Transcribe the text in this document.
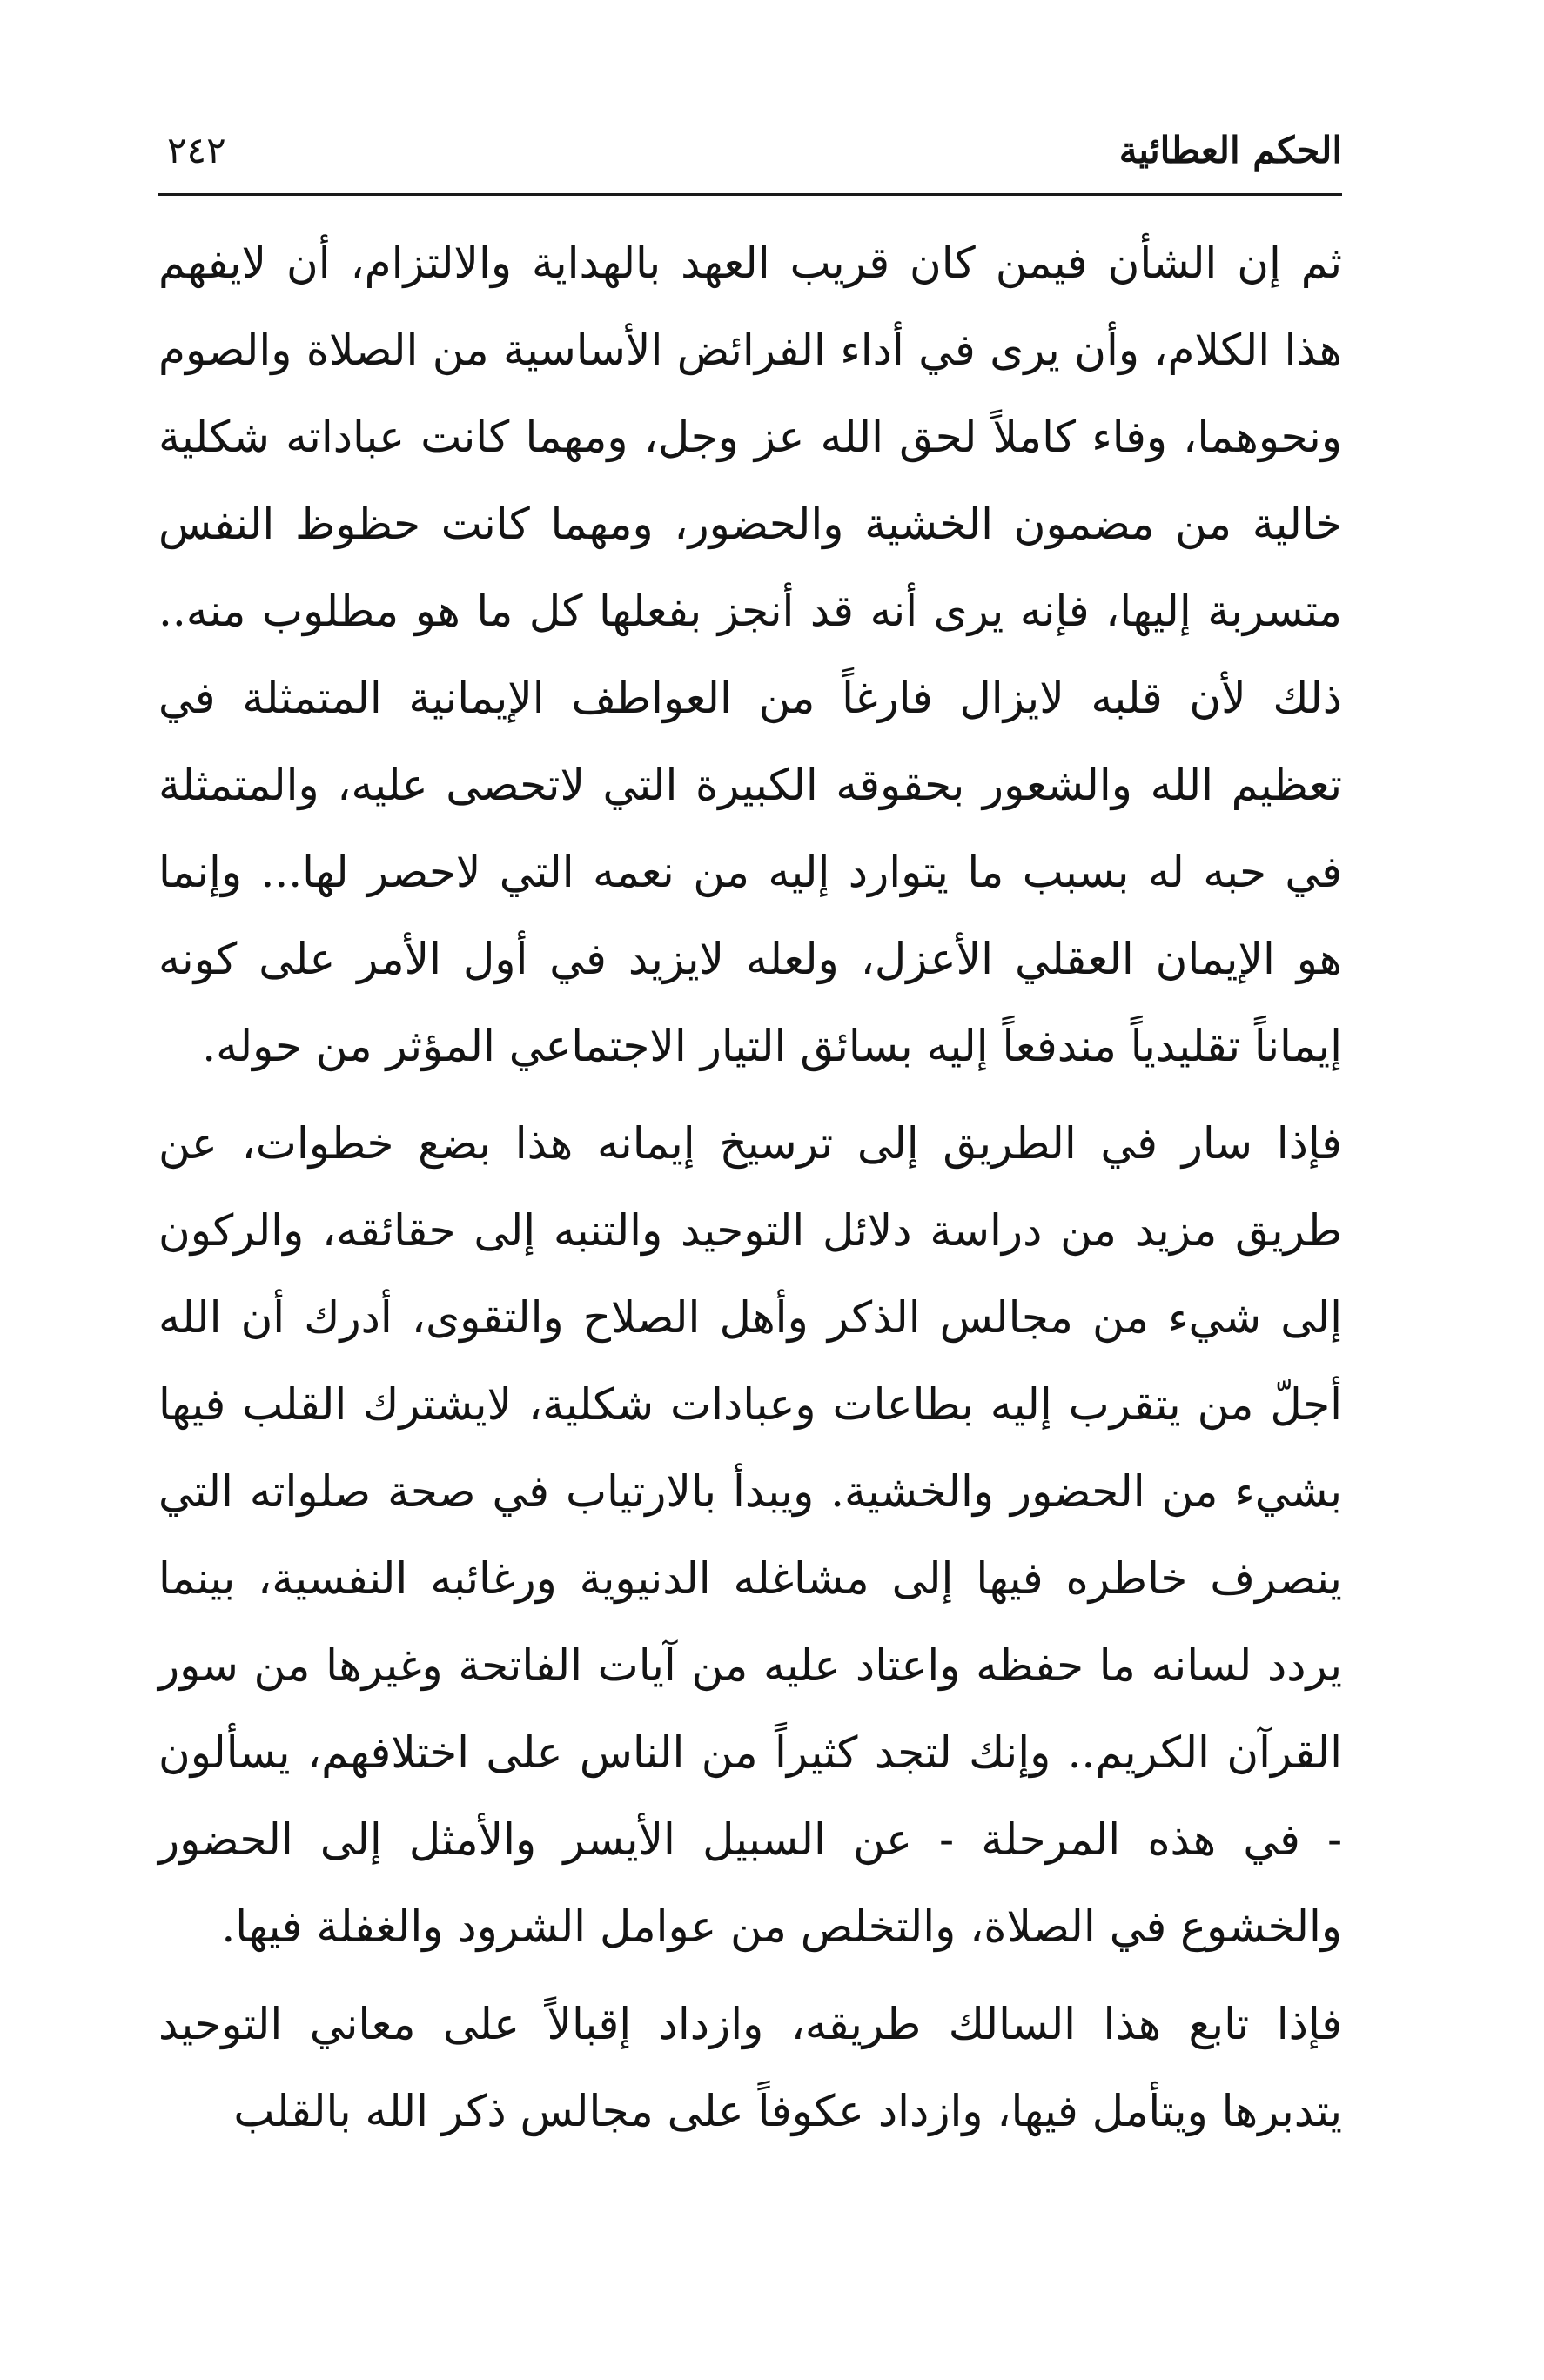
الحكم العطائية
٢٤٢

ثم إن الشأن فيمن كان قريب العهد بالهداية والالتزام، أن لايفهم هذا الكلام، وأن يرى في أداء الفرائض الأساسية من الصلاة والصوم ونحوهما، وفاء كاملاً لحق الله عز وجل، ومهما كانت عباداته شكلية خالية من مضمون الخشية والحضور، ومهما كانت حظوظ النفس متسربة إليها، فإنه يرى أنه قد أنجز بفعلها كل ما هو مطلوب منه.. ذلك لأن قلبه لايزال فارغاً من العواطف الإيمانية المتمثلة في تعظيم الله والشعور بحقوقه الكبيرة التي لاتحصى عليه، والمتمثلة في حبه له بسبب ما يتوارد إليه من نعمه التي لاحصر لها... وإنما هو الإيمان العقلي الأعزل، ولعله لايزيد في أول الأمر على كونه إيماناً تقليدياً مندفعاً إليه بسائق التيار الاجتماعي المؤثر من حوله.

فإذا سار في الطريق إلى ترسيخ إيمانه هذا بضع خطوات، عن طريق مزيد من دراسة دلائل التوحيد والتنبه إلى حقائقه، والركون إلى شيء من مجالس الذكر وأهل الصلاح والتقوى، أدرك أن الله أجلّ من يتقرب إليه بطاعات وعبادات شكلية، لايشترك القلب فيها بشيء من الحضور والخشية. ويبدأ بالارتياب في صحة صلواته التي ينصرف خاطره فيها إلى مشاغله الدنيوية ورغائبه النفسية، بينما يردد لسانه ما حفظه واعتاد عليه من آيات الفاتحة وغيرها من سور القرآن الكريم.. وإنك لتجد كثيراً من الناس على اختلافهم، يسألون - في هذه المرحلة - عن السبيل الأيسر والأمثل إلى الحضور والخشوع في الصلاة، والتخلص من عوامل الشرود والغفلة فيها.

فإذا تابع هذا السالك طريقه، وازداد إقبالاً على معاني التوحيد يتدبرها ويتأمل فيها، وازداد عكوفاً على مجالس ذكر الله بالقلب
